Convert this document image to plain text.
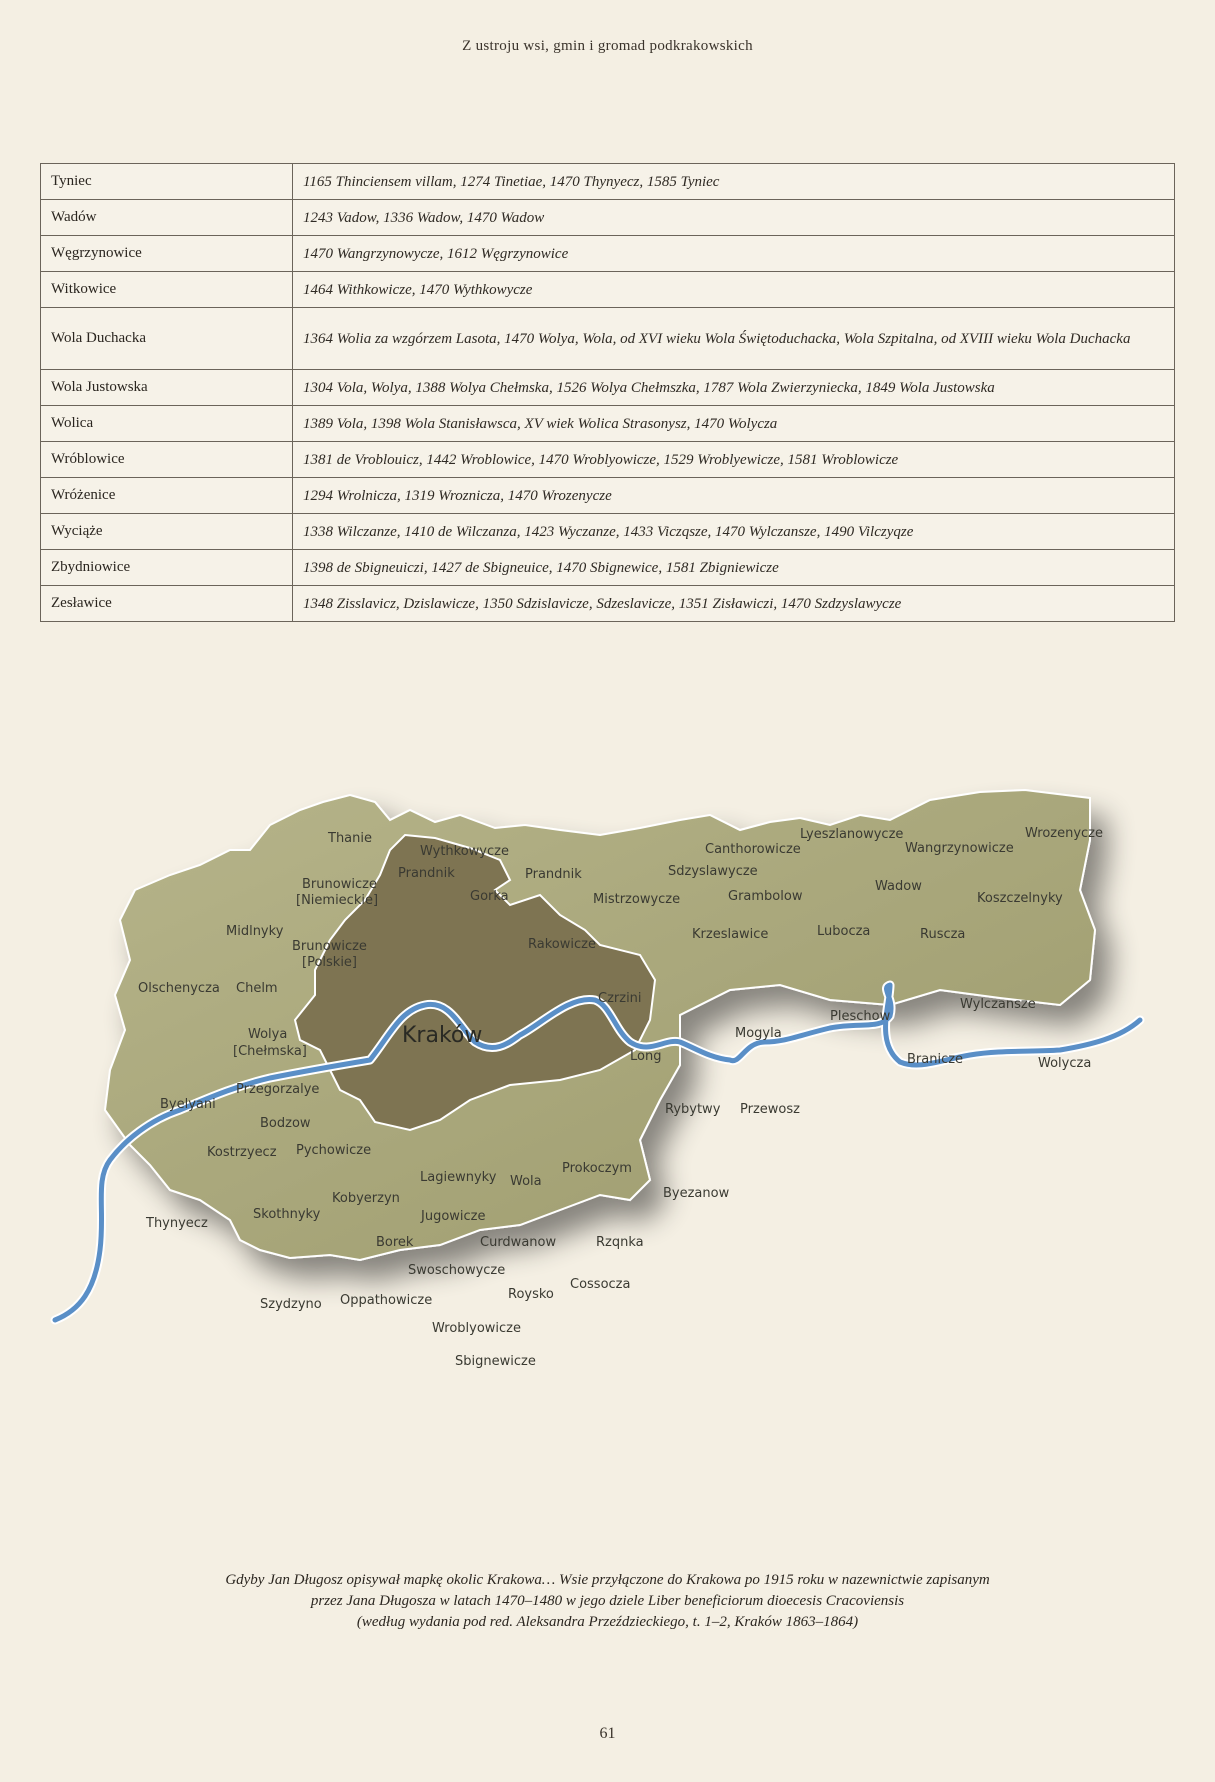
Z ustroju wsi, gmin i gromad podkrakowskich
Tyniec	1165 Thinciensem villam, 1274 Tinetiae, 1470 Thynyecz, 1585 Tyniec
Wadów	1243 Vadow, 1336 Wadow, 1470 Wadow
Węgrzynowice	1470 Wangrzynowycze, 1612 Węgrzynowice
Witkowice	1464 Withkowicze, 1470 Wythkowycze
Wola Duchacka	1364 Wolia za wzgórzem Lasota, 1470 Wolya, Wola, od XVI wieku Wola Świętoduchacka, Wola Szpitalna, od XVIII wieku Wola Duchacka
Wola Justowska	1304 Vola, Wolya, 1388 Wolya Chełmska, 1526 Wolya Chełmszka, 1787 Wola Zwierzyniecka, 1849 Wola Justowska
Wolica	1389 Vola, 1398 Wola Stanisławsca, XV wiek Wolica Strasonysz, 1470 Wolycza
Wróblowice	1381 de Vroblouicz, 1442 Wroblowice, 1470 Wroblyowicze, 1529 Wroblyewicze, 1581 Wroblowicze
Wróżenice	1294 Wrolnicza, 1319 Wroznicza, 1470 Wrozenycze
Wyciąże	1338 Wilczanze, 1410 de Wilczanza, 1423 Wyczanze, 1433 Viczqsze, 1470 Wylczansze, 1490 Vilczyqze
Zbydniowice	1398 de Sbigneuiczi, 1427 de Sbigneuice, 1470 Sbignewice, 1581 Zbigniewicze
Zesławice	1348 Zisslavicz, Dzislawicze, 1350 Sdzislavicze, Sdzeslavicze, 1351 Zisławiczi, 1470 Szdzyslawycze
Kraków
Thanie
Wythkowycze
Brunowicze
[Niemieckie]
Prandnik	Prandnik
Gorka	Mistrzowycze
Canthorowicze
Lyeszlanowycze
Wangrzynowicze
Wrozenycze
Sdzyslawycze
Grambolow
Wadow
Koszczelnyky
Midlnyky
Brunowicze
[Polskie]
Rakowicze
Krzeslawice	Lubocza	Ruscza
Olschenycza Chelm
Czrzini	Wylczansze
Wolya
[Chełmska]
Mogyla
Pleschow
Long	Branicze	Wolycza
Przegorzalye
Byelyani	Rybytwy Przewosz
Bodzow
Kostrzyecz Pychowicze
Prokoczym
Lagiewnyky Wola
Byezanow
Kobyerzyn
Thynyecz
Skothnyky	Jugowicze
Borek	Curdwanow	Rzqnka
Swoschowycze
Cossocza
Roysko
Szydzyno Oppathowicze
Wroblyowicze
Sbignewicze
Gdyby Jan Długosz opisywał mapkę okolic Krakowa… Wsie przyłączone do Krakowa po 1915 roku w nazewnictwie zapisanym
przez Jana Długosza w latach 1470–1480 w jego dziele Liber beneficiorum dioecesis Cracoviensis
(według wydania pod red. Aleksandra Przeździeckiego, t. 1–2, Kraków 1863–1864)
61
